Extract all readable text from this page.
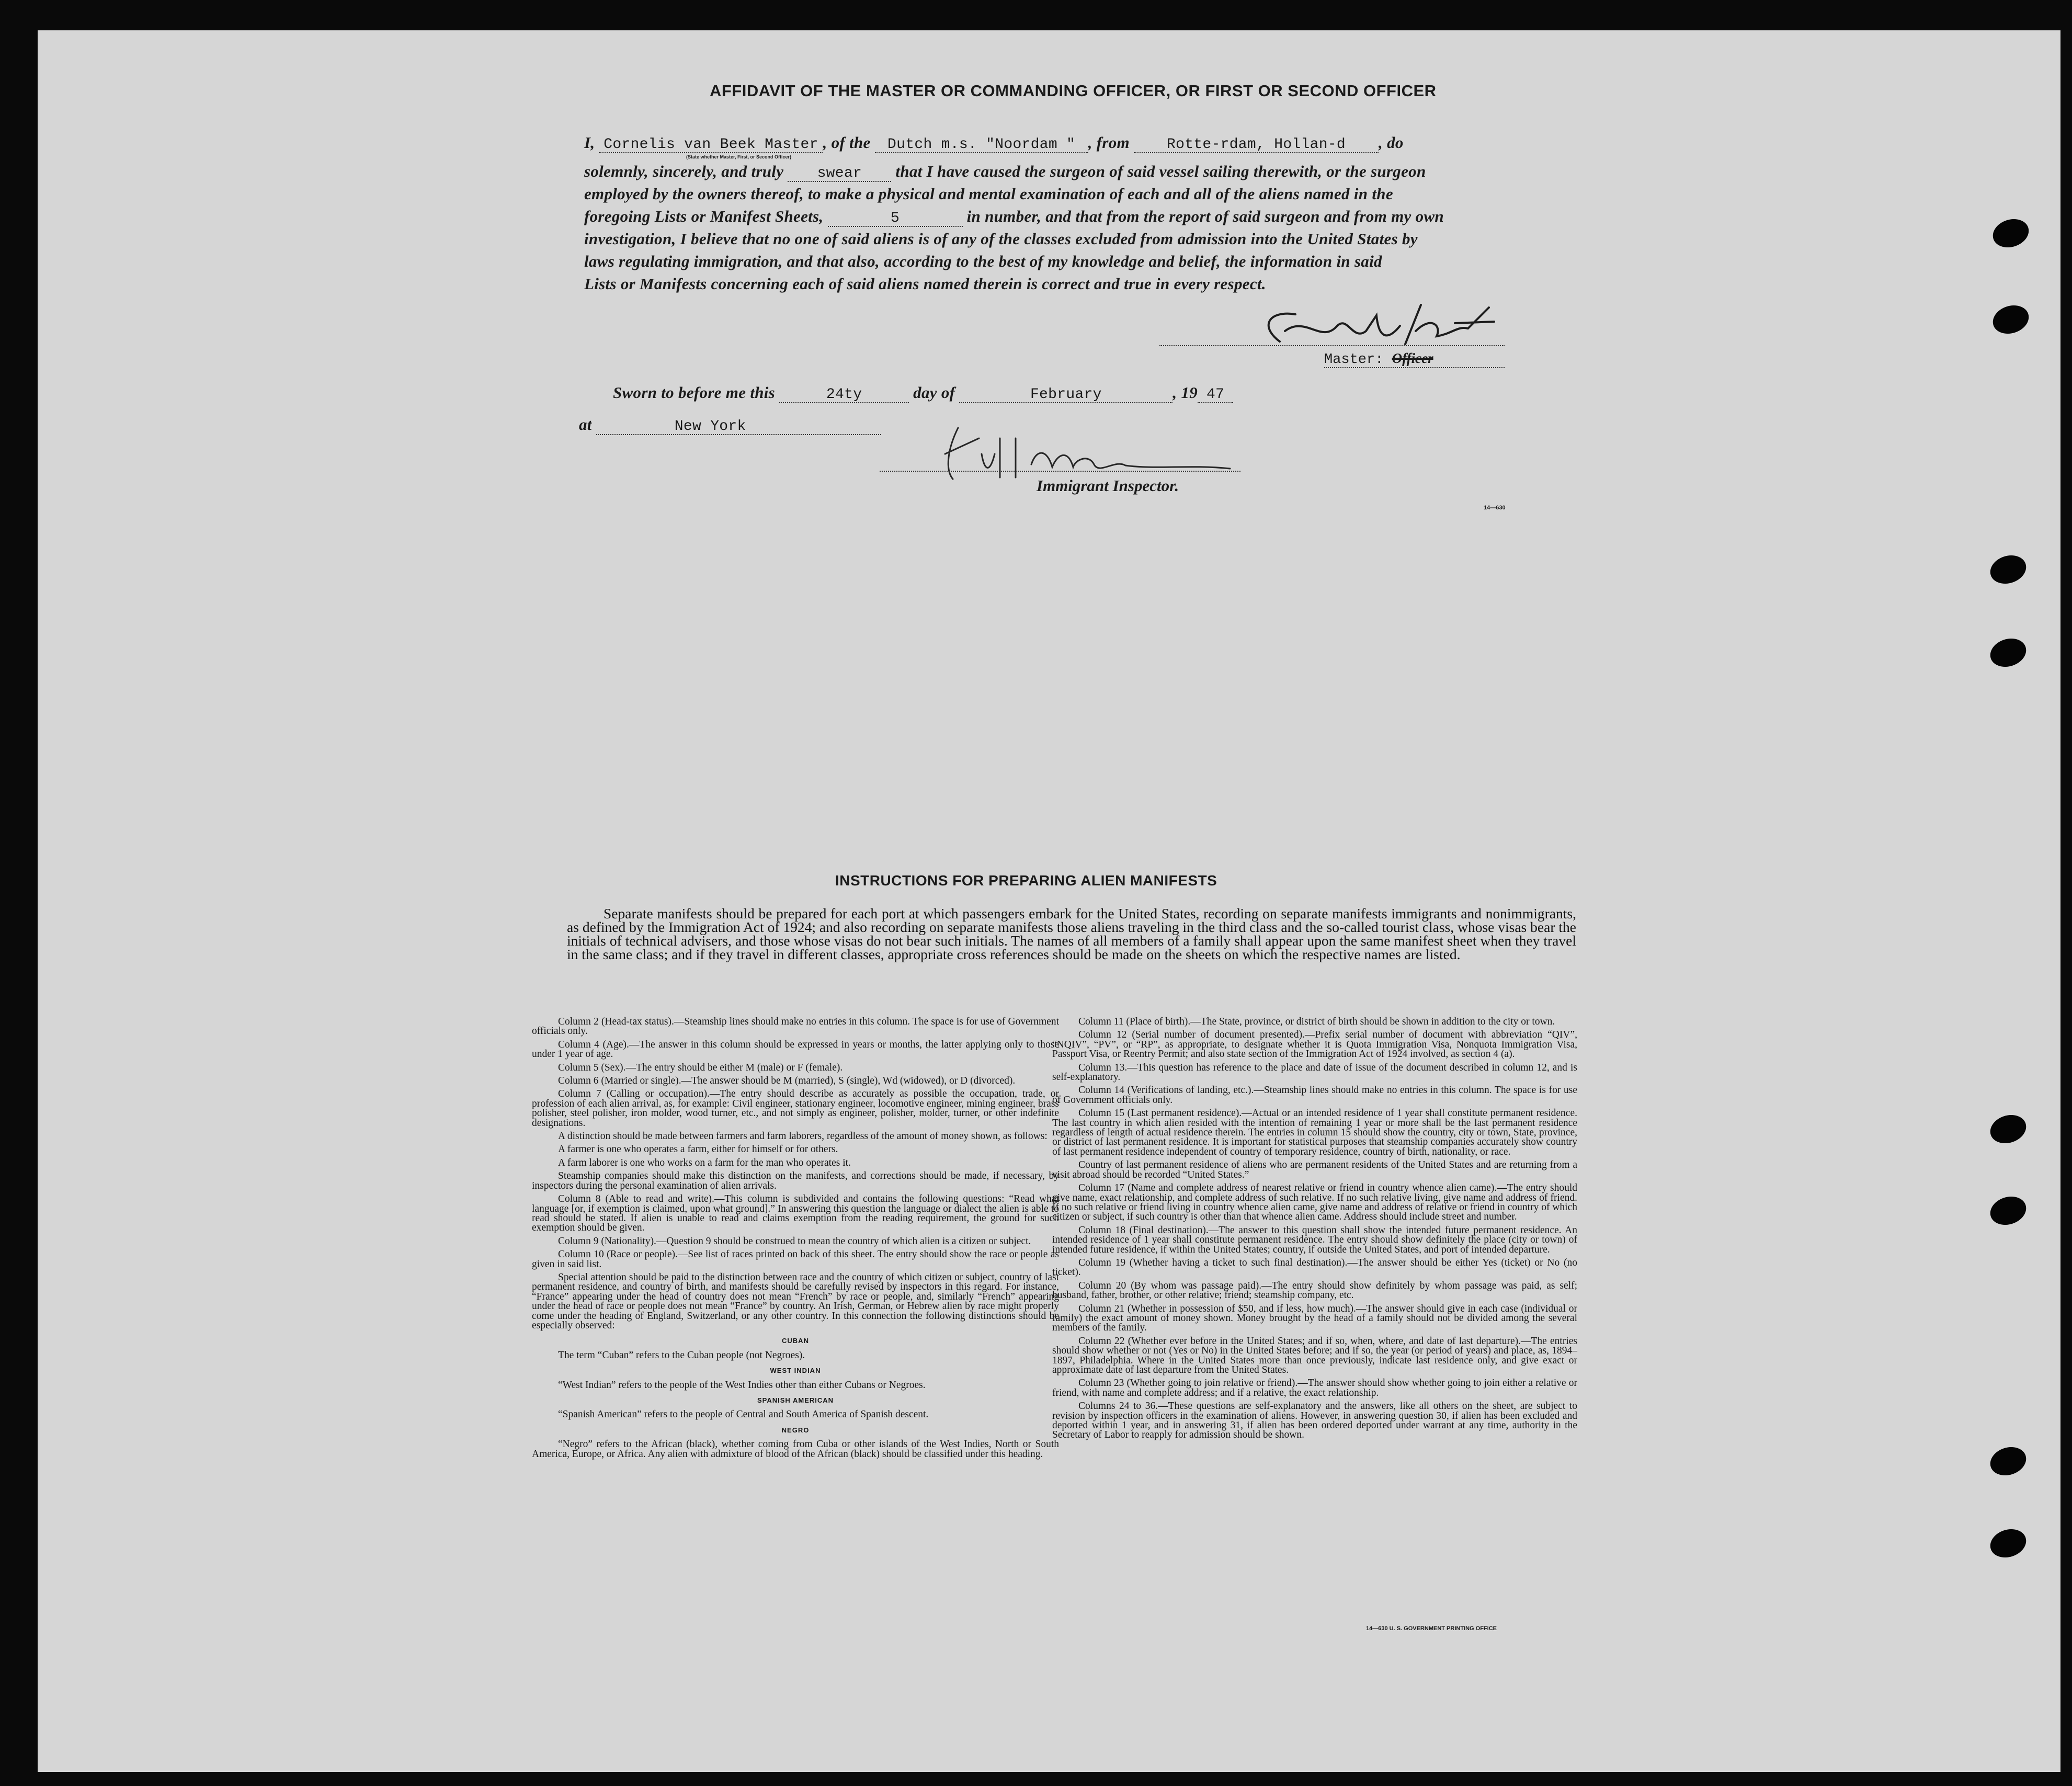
AFFIDAVIT OF THE MASTER OR COMMANDING OFFICER, OR FIRST OR SECOND OFFICER
I, Cornelis van Beek Master , of the Dutch m.s. "Noordam " , from	Rotte-rdam, Hollan-d , do
(State whether Master, First, or Second Officer)
solemnly, sincerely, and truly swear that I have caused the surgeon of said vessel sailing therewith, or the surgeon
employed by the owners thereof, to make a physical and mental examination of each and all of the aliens named in the
foregoing Lists or Manifest Sheets,	5	in number, and that from the report of said surgeon and from my own
investigation, I believe that no one of said aliens is of any of the classes excluded from admission into the United States by
laws regulating immigration, and that also, according to the best of my knowledge and belief, the information in said
Lists or Manifests concerning each of said aliens named therein is correct and true in every respect.
Master: Officer
Sworn to before me this	24ty	day of	February	, 19 47
at	New York
Immigrant Inspector.
14—630
INSTRUCTIONS FOR PREPARING ALIEN MANIFESTS
Separate manifests should be prepared for each port at which passengers embark for the United States, recording on separate manifests immigrants and nonimmigrants, as defined by the Immigration Act of 1924; and also recording on separate manifests those aliens traveling in the third class and the so-called tourist class, whose visas bear the initials of technical advisers, and those whose visas do not bear such initials. The names of all members of a family shall appear upon the same manifest sheet when they travel in the same class; and if they travel in different classes, appropriate cross references should be made on the sheets on which the respective names are listed.

Column 2 (Head-tax status).—Steamship lines should make no entries in this column. The space is for use of Government officials only.

Column 4 (Age).—The answer in this column should be expressed in years or months, the latter applying only to those under 1 year of age.

Column 5 (Sex).—The entry should be either M (male) or F (female).

Column 6 (Married or single).—The answer should be M (married), S (single), Wd (widowed), or D (divorced).

Column 7 (Calling or occupation).—The entry should describe as accurately as possible the occupation, trade, or profession of each alien arrival, as, for example: Civil engineer, stationary engineer, locomotive engineer, mining engineer, brass polisher, steel polisher, iron molder, wood turner, etc., and not simply as engineer, polisher, molder, turner, or other indefinite designations.

A distinction should be made between farmers and farm laborers, regardless of the amount of money shown, as follows:

A farmer is one who operates a farm, either for himself or for others.

A farm laborer is one who works on a farm for the man who operates it.

Steamship companies should make this distinction on the manifests, and corrections should be made, if necessary, by inspectors during the personal examination of alien arrivals.

Column 8 (Able to read and write).—This column is subdivided and contains the following questions: “Read what language [or, if exemption is claimed, upon what ground].” In answering this question the language or dialect the alien is able to read should be stated. If alien is unable to read and claims exemption from the reading requirement, the ground for such exemption should be given.

Column 9 (Nationality).—Question 9 should be construed to mean the country of which alien is a citizen or subject.

Column 10 (Race or people).—See list of races printed on back of this sheet. The entry should show the race or people as given in said list.

Special attention should be paid to the distinction between race and the country of which citizen or subject, country of last permanent residence, and country of birth, and manifests should be carefully revised by inspectors in this regard. For instance, “France” appearing under the head of country does not mean “French” by race or people, and, similarly “French” appearing under the head of race or people does not mean “France” by country. An Irish, German, or Hebrew alien by race might properly come under the heading of England, Switzerland, or any other country. In this connection the following distinctions should be especially observed:

CUBAN

The term “Cuban” refers to the Cuban people (not Negroes).

WEST INDIAN

“West Indian” refers to the people of the West Indies other than either Cubans or Negroes.

SPANISH AMERICAN

“Spanish American” refers to the people of Central and South America of Spanish descent.

NEGRO

“Negro” refers to the African (black), whether coming from Cuba or other islands of the West Indies, North or South America, Europe, or Africa. Any alien with admixture of blood of the African (black) should be classified under this heading.

Column 11 (Place of birth).—The State, province, or district of birth should be shown in addition to the city or town.

Column 12 (Serial number of document presented).—Prefix serial number of document with abbreviation “QIV”, “NQIV”, “PV”, or “RP”, as appropriate, to designate whether it is Quota Immigration Visa, Nonquota Immigration Visa, Passport Visa, or Reentry Permit; and also state section of the Immigration Act of 1924 involved, as section 4 (a).

Column 13.—This question has reference to the place and date of issue of the document described in column 12, and is self-explanatory.

Column 14 (Verifications of landing, etc.).—Steamship lines should make no entries in this column. The space is for use of Government officials only.

Column 15 (Last permanent residence).—Actual or an intended residence of 1 year shall constitute permanent residence. The last country in which alien resided with the intention of remaining 1 year or more shall be the last permanent residence regardless of length of actual residence therein. The entries in column 15 should show the country, city or town, State, province, or district of last permanent residence. It is important for statistical purposes that steamship companies accurately show country of last permanent residence independent of country of temporary residence, country of birth, nationality, or race.

Country of last permanent residence of aliens who are permanent residents of the United States and are returning from a visit abroad should be recorded “United States.”

Column 17 (Name and complete address of nearest relative or friend in country whence alien came).—The entry should give name, exact relationship, and complete address of such relative. If no such relative living, give name and address of friend. If no such relative or friend living in country whence alien came, give name and address of relative or friend in country of which citizen or subject, if such country is other than that whence alien came. Address should include street and number.

Column 18 (Final destination).—The answer to this question shall show the intended future permanent residence. An intended residence of 1 year shall constitute permanent residence. The entry should show definitely the place (city or town) of intended future residence, if within the United States; country, if outside the United States, and port of intended departure.

Column 19 (Whether having a ticket to such final destination).—The answer should be either Yes (ticket) or No (no ticket).

Column 20 (By whom was passage paid).—The entry should show definitely by whom passage was paid, as self; husband, father, brother, or other relative; friend; steamship company, etc.

Column 21 (Whether in possession of $50, and if less, how much).—The answer should give in each case (individual or family) the exact amount of money shown. Money brought by the head of a family should not be divided among the several members of the family.

Column 22 (Whether ever before in the United States; and if so, when, where, and date of last departure).—The entries should show whether or not (Yes or No) in the United States before; and if so, the year (or period of years) and place, as, 1894–1897, Philadelphia. Where in the United States more than once previously, indicate last residence only, and give exact or approximate date of last departure from the United States.

Column 23 (Whether going to join relative or friend).—The answer should show whether going to join either a relative or friend, with name and complete address; and if a relative, the exact relationship.

Columns 24 to 36.—These questions are self-explanatory and the answers, like all others on the sheet, are subject to revision by inspection officers in the examination of aliens. However, in answering question 30, if alien has been excluded and deported within 1 year, and in answering 31, if alien has been ordered deported under warrant at any time, authority in the Secretary of Labor to reapply for admission should be shown.

14—630 U. S. GOVERNMENT PRINTING OFFICE
